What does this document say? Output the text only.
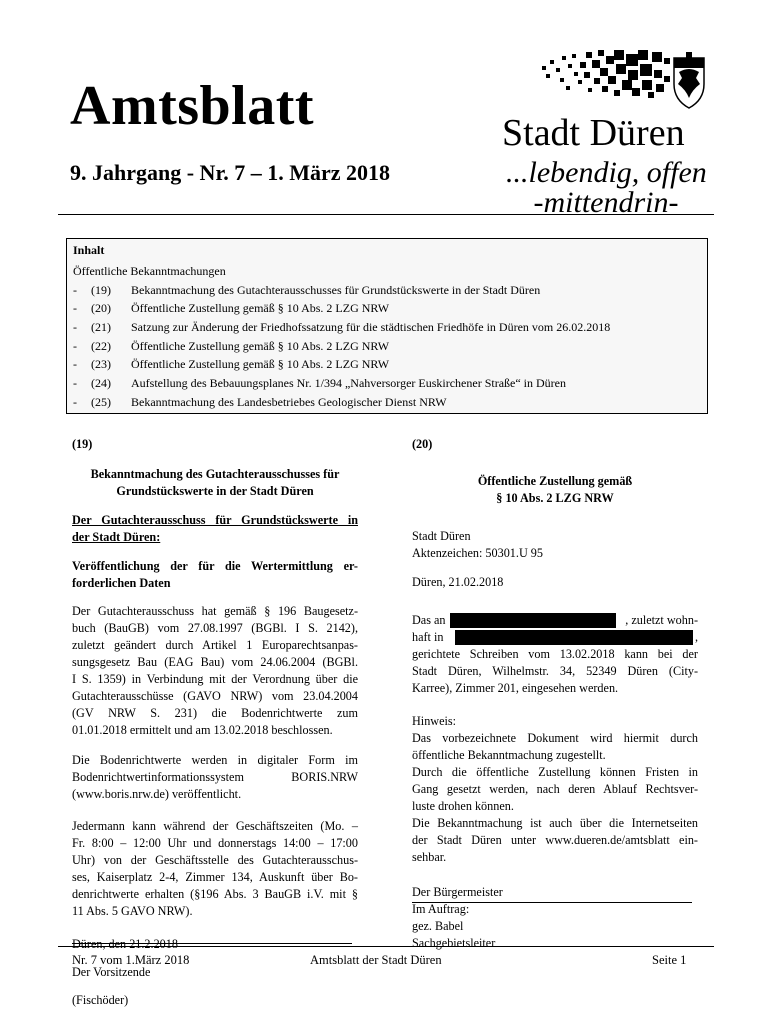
Amtsblatt
9. Jahrgang - Nr. 7 – 1. März 2018
Stadt Düren
...lebendig, offen
-mittendrin-
Inhalt
Öffentliche Bekanntmachungen
- (19) Bekanntmachung des Gutachterausschusses für Grundstückswerte in der Stadt Düren
- (20) Öffentliche Zustellung gemäß § 10 Abs. 2 LZG NRW
- (21) Satzung zur Änderung der Friedhofssatzung für die städtischen Friedhöfe in Düren vom 26.02.2018
- (22) Öffentliche Zustellung gemäß § 10 Abs. 2 LZG NRW
- (23) Öffentliche Zustellung gemäß § 10 Abs. 2 LZG NRW
- (24) Aufstellung des Bebauungsplanes Nr. 1/394 „Nahversorger Euskirchener Straße“ in Düren
- (25) Bekanntmachung des Landesbetriebes Geologischer Dienst NRW
(19)
Bekanntmachung des Gutachterausschusses für
Grundstückswerte in der Stadt Düren
Der Gutachterausschuss für Grundstückswerte in
der Stadt Düren:
Veröffentlichung der für die Wertermittlung er-
forderlichen Daten
Der Gutachterausschuss hat gemäß § 196 Baugesetz-
buch (BauGB) vom 27.08.1997 (BGBl. I S. 2142),
zuletzt geändert durch Artikel 1 Europarechtsanpas-
sungsgesetz Bau (EAG Bau) vom 24.06.2004 (BGBl.
I S. 1359) in Verbindung mit der Verordnung über die
Gutachterausschüsse (GAVO NRW) vom 23.04.2004
(GV NRW S. 231) die Bodenrichtwerte zum
01.01.2018 ermittelt und am 13.02.2018 beschlossen.
Die Bodenrichtwerte werden in digitaler Form im
Bodenrichtwertinformationssystem	BORIS.NRW
(www.boris.nrw.de) veröffentlicht.
Jedermann kann während der Geschäftszeiten (Mo. –
Fr. 8:00 – 12:00 Uhr und donnerstags 14:00 – 17:00
Uhr) von der Geschäftsstelle des Gutachterausschus-
ses, Kaiserplatz 2-4, Zimmer 134, Auskunft über Bo-
denrichtwerte erhalten (§196 Abs. 3 BauGB i.V. mit §
11 Abs. 5 GAVO NRW).
Düren, den 21.2.2018
Der Vorsitzende
(Fischöder)
(20)
Öffentliche Zustellung gemäß
§ 10 Abs. 2 LZG NRW
Stadt Düren
Aktenzeichen: 50301.U 95
Düren, 21.02.2018
Das an	, zuletzt wohn-
haft in	,
gerichtete Schreiben vom 13.02.2018 kann bei der
Stadt Düren, Wilhelmstr. 34, 52349 Düren (City-
Karree), Zimmer 201, eingesehen werden.
Hinweis:
Das vorbezeichnete Dokument wird hiermit durch
öffentliche Bekanntmachung zugestellt.
Durch die öffentliche Zustellung können Fristen in
Gang gesetzt werden, nach deren Ablauf Rechtsver-
luste drohen können.
Die Bekanntmachung ist auch über die Internetseiten
der Stadt Düren unter www.dueren.de/amtsblatt ein-
sehbar.
Der Bürgermeister
Im Auftrag:
gez. Babel
Sachgebietsleiter
Nr. 7 vom 1.März 2018	Amtsblatt der Stadt Düren	Seite 1
